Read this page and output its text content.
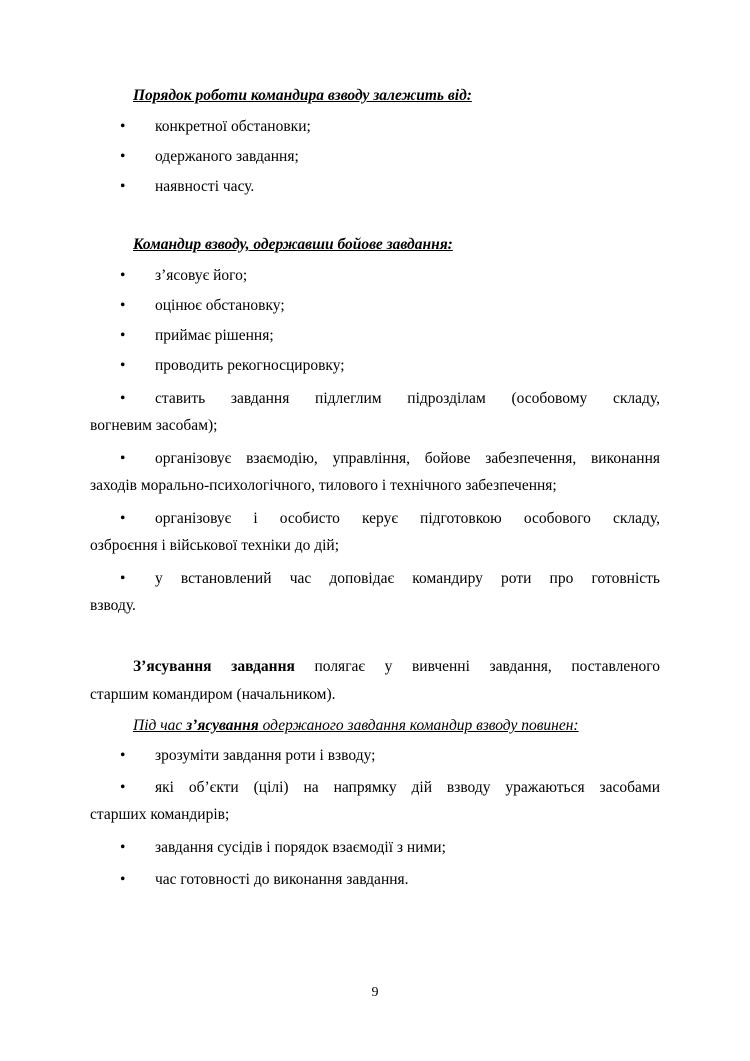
Порядок роботи командира взводу залежить від:
• конкретної обстановки;
• одержаного завдання;
• наявності часу.
Командир взводу, одержавши бойове завдання:
• з’ясовує його;
• оцінює обстановку;
• приймає рішення;
• проводить рекогносцировку;
• ставить завдання підлеглим підрозділам (особовому складу,
вогневим засобам);
• організовує взаємодію, управління, бойове забезпечення, виконання
заходів морально-психологічного, тилового і технічного забезпечення;
• організовує і особисто керує підготовкою особового складу,
озброєння і військової техніки до дій;
• у встановлений час доповідає командиру роти про готовність
взводу.
З’ясування завдання полягає у вивченні завдання, поставленого
старшим командиром (начальником).
Під час з’ясування одержаного завдання командир взводу повинен:
• зрозуміти завдання роти і взводу;
• які об’єкти (цілі) на напрямку дій взводу уражаються засобами
старших командирів;
• завдання сусідів і порядок взаємодії з ними;
• час готовності до виконання завдання.
9
